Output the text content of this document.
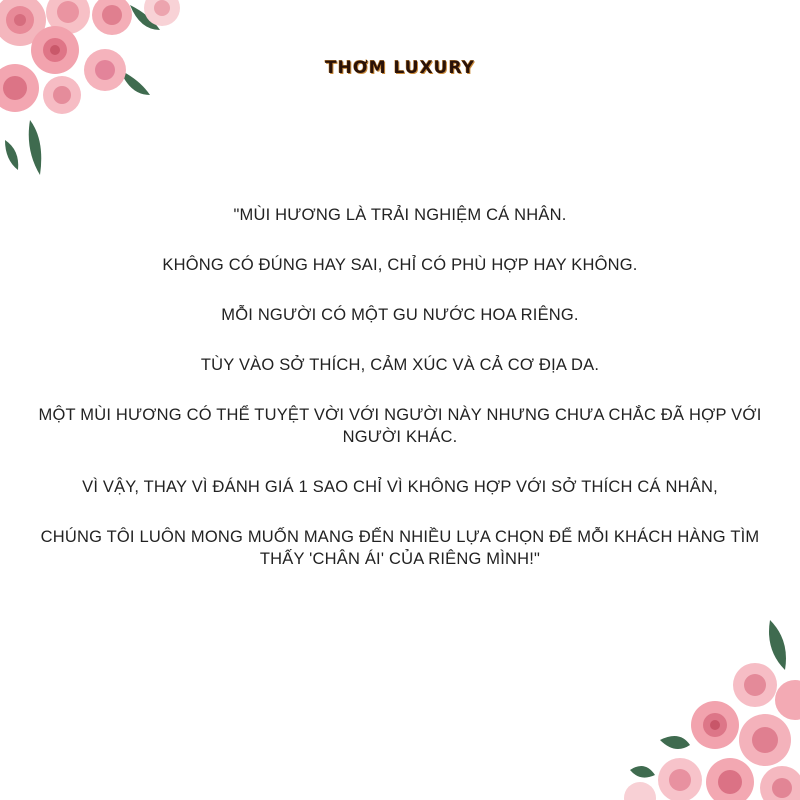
THƠM LUXURY

"MÙI HƯƠNG LÀ TRẢI NGHIỆM CÁ NHÂN.

KHÔNG CÓ ĐÚNG HAY SAI, CHỈ CÓ PHÙ HỢP HAY KHÔNG.

MỖI NGƯỜI CÓ MỘT GU NƯỚC HOA RIÊNG.

TÙY VÀO SỞ THÍCH, CẢM XÚC VÀ CẢ CƠ ĐỊA DA.

MỘT MÙI HƯƠNG CÓ THỂ TUYỆT VỜI VỚI NGƯỜI NÀY NHƯNG CHƯA CHẮC ĐÃ HỢP VỚI
NGƯỜI KHÁC.

VÌ VẬY, THAY VÌ ĐÁNH GIÁ 1 SAO CHỈ VÌ KHÔNG HỢP VỚI SỞ THÍCH CÁ NHÂN,

CHÚNG TÔI LUÔN MONG MUỐN MANG ĐẾN NHIỀU LỰA CHỌN ĐỂ MỖI KHÁCH HÀNG TÌM
THẤY 'CHÂN ÁI' CỦA RIÊNG MÌNH!"
